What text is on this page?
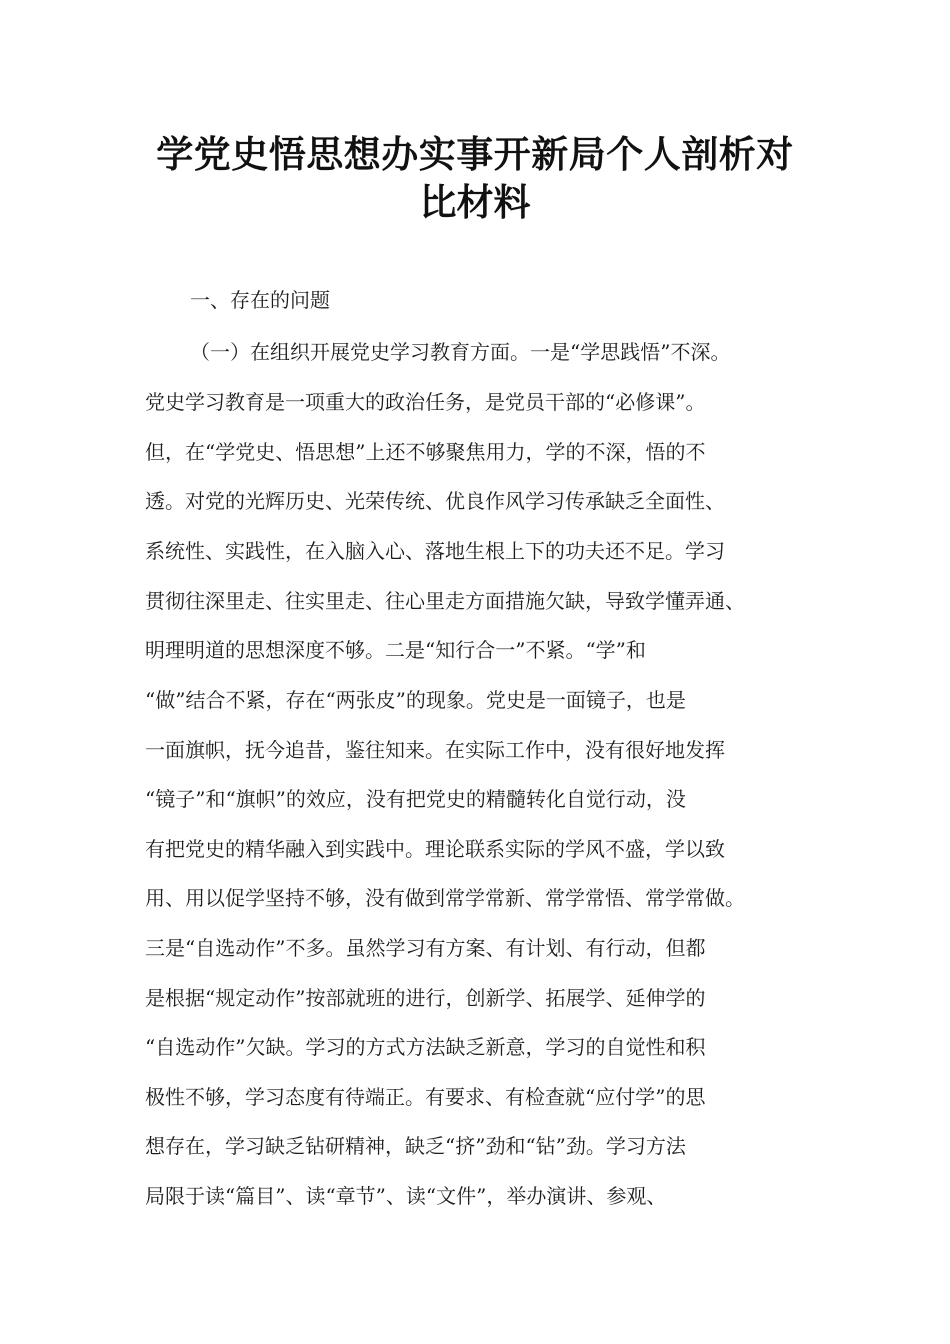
学党史悟思想办实事开新局个人剖析对
比材料

一、存在的问题

（一）在组织开展党史学习教育方面。一是“学思践悟”不深。

党史学习教育是一项重大的政治任务，是党员干部的“必修课”。

但，在“学党史、悟思想”上还不够聚焦用力，学的不深，悟的不

透。对党的光辉历史、光荣传统、优良作风学习传承缺乏全面性、

系统性、实践性，在入脑入心、落地生根上下的功夫还不足。学习

贯彻往深里走、往实里走、往心里走方面措施欠缺，导致学懂弄通、

明理明道的思想深度不够。二是“知行合一”不紧。“学”和

“做”结合不紧，存在“两张皮”的现象。党史是一面镜子，也是

一面旗帜，抚今追昔，鉴往知来。在实际工作中，没有很好地发挥

“镜子”和“旗帜”的效应，没有把党史的精髓转化自觉行动，没

有把党史的精华融入到实践中。理论联系实际的学风不盛，学以致

用、用以促学坚持不够，没有做到常学常新、常学常悟、常学常做。

三是“自选动作”不多。虽然学习有方案、有计划、有行动，但都

是根据“规定动作”按部就班的进行，创新学、拓展学、延伸学的

“自选动作”欠缺。学习的方式方法缺乏新意，学习的自觉性和积

极性不够，学习态度有待端正。有要求、有检查就“应付学”的思

想存在，学习缺乏钻研精神，缺乏“挤”劲和“钻”劲。学习方法

局限于读“篇目”、读“章节”、读“文件”，举办演讲、参观、
